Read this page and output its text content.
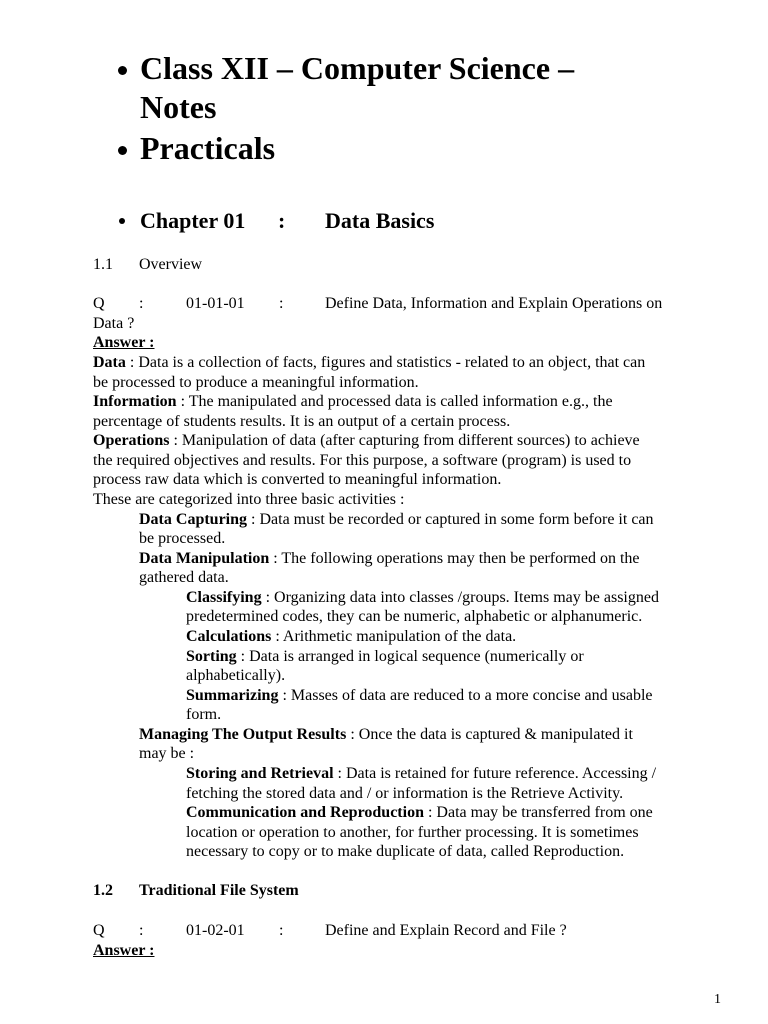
Class XII – Computer Science –
Notes
Practicals
Chapter 01 : Data Basics
1.1 Overview
Q :	01-01-01 :	Define Data, Information and Explain Operations on
Data ?
Answer :
Data : Data is a collection of facts, figures and statistics - related to an object, that can
be processed to produce a meaningful information.
Information : The manipulated and processed data is called information e.g., the
percentage of students results. It is an output of a certain process.
Operations : Manipulation of data (after capturing from different sources) to achieve
the required objectives and results. For this purpose, a software (program) is used to
process raw data which is converted to meaningful information.
These are categorized into three basic activities :
Data Capturing : Data must be recorded or captured in some form before it can
be processed.
Data Manipulation : The following operations may then be performed on the
gathered data.
Classifying : Organizing data into classes /groups. Items may be assigned
predetermined codes, they can be numeric, alphabetic or alphanumeric.
Calculations : Arithmetic manipulation of the data.
Sorting : Data is arranged in logical sequence (numerically or
alphabetically).
Summarizing : Masses of data are reduced to a more concise and usable
form.
Managing The Output Results : Once the data is captured & manipulated it
may be :
Storing and Retrieval : Data is retained for future reference. Accessing /
fetching the stored data and / or information is the Retrieve Activity.
Communication and Reproduction : Data may be transferred from one
location or operation to another, for further processing. It is sometimes
necessary to copy or to make duplicate of data, called Reproduction.
1.2 Traditional File System
Q :	01-02-01 :	Define and Explain Record and File ?
Answer :
1
